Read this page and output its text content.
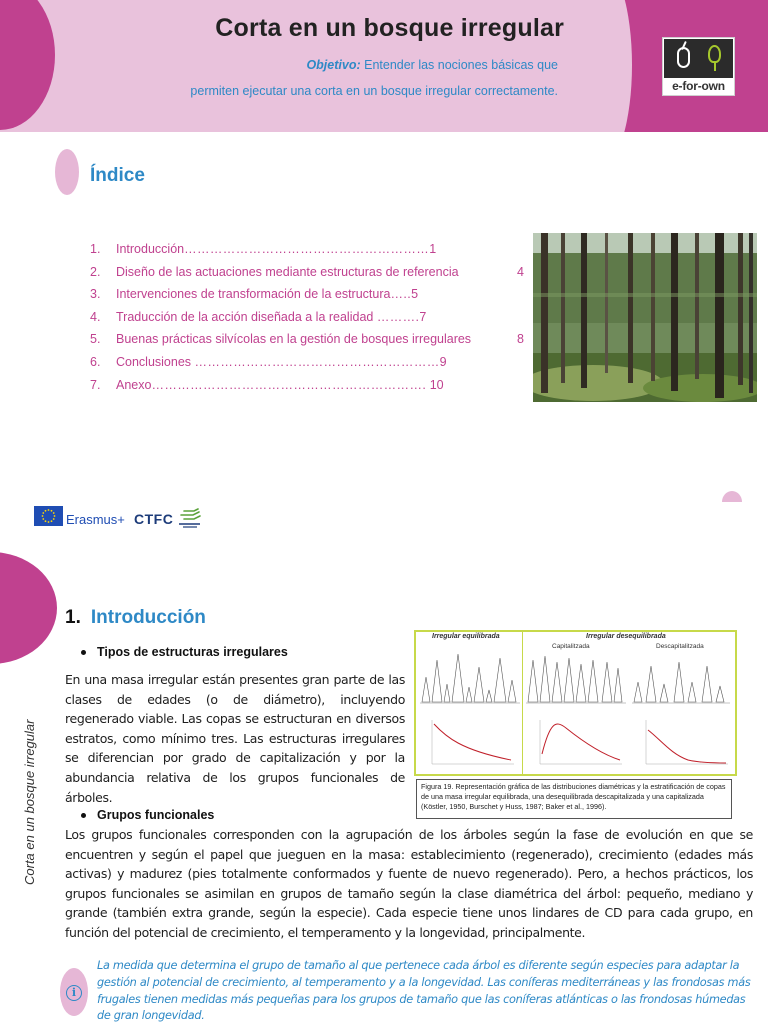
Corta en un bosque irregular
Objetivo: Entender las nociones básicas que
permiten ejecutar una corta en un bosque irregular correctamente.	e-for-own
Índice
1. Introducción…………………………………………………1
2. Diseño de las actuaciones mediante estructuras de referencia	4
3. Intervenciones de transformación de la estructura…..5
4. Traducción de la acción diseñada a la realidad ……….7
5. Buenas prácticas silvícolas en la gestión de bosques irregulares	8
6. Conclusiones …………………………………………………9
7. Anexo………………………………………………………. 10
Erasmus+ CTFC
Corta en un bosque irregular
1. Introducción
Tipos de estructuras irregulares
En una masa irregular están presentes gran parte de las clases de edades (o de diámetro), incluyendo regenerado viable. Las copas se estructuran en diversos estratos, como mínimo tres. Las estructuras irregulares se diferencian por grado de capitalización y por la abundancia relativa de los grupos funcionales de árboles.
Grupos funcionales
Los grupos funcionales corresponden con la agrupación de los árboles según la fase de evolución en que se encuentren y según el papel que jueguen en la masa: establecimiento (regenerado), crecimiento (edades más activas) y madurez (pies totalmente conformados y fuente de nuevo regenerado). Pero, a hechos prácticos, los grupos funcionales se asimilan en grupos de tamaño según la clase diamétrica del árbol: pequeño, mediano y grande (también extra grande, según la especie). Cada especie tiene unos lindares de CD para cada grupo, en función del potencial de crecimiento, el temperamento y la longevidad, principalmente.
Irregular equilibrada	Irregular desequilibrada
Capitalitzada	Descapitalitzada
Figura 19. Representación gráfica de las distribuciones diamétricas y la estratificación de copas de una masa irregular equilibrada, una desequilibrada descapitalizada y una capitalizada (Köstler, 1950, Burschet y Huss, 1987; Baker et al., 1996).
i
La medida que determina el grupo de tamaño al que pertenece cada árbol es diferente según especies para adaptar la gestión al potencial de crecimiento, al temperamento y a la longevidad. Las coníferas mediterráneas y las frondosas más frugales tienen medidas más pequeñas para los grupos de tamaño que las coníferas atlánticas o las frondosas húmedas de gran longevidad.
